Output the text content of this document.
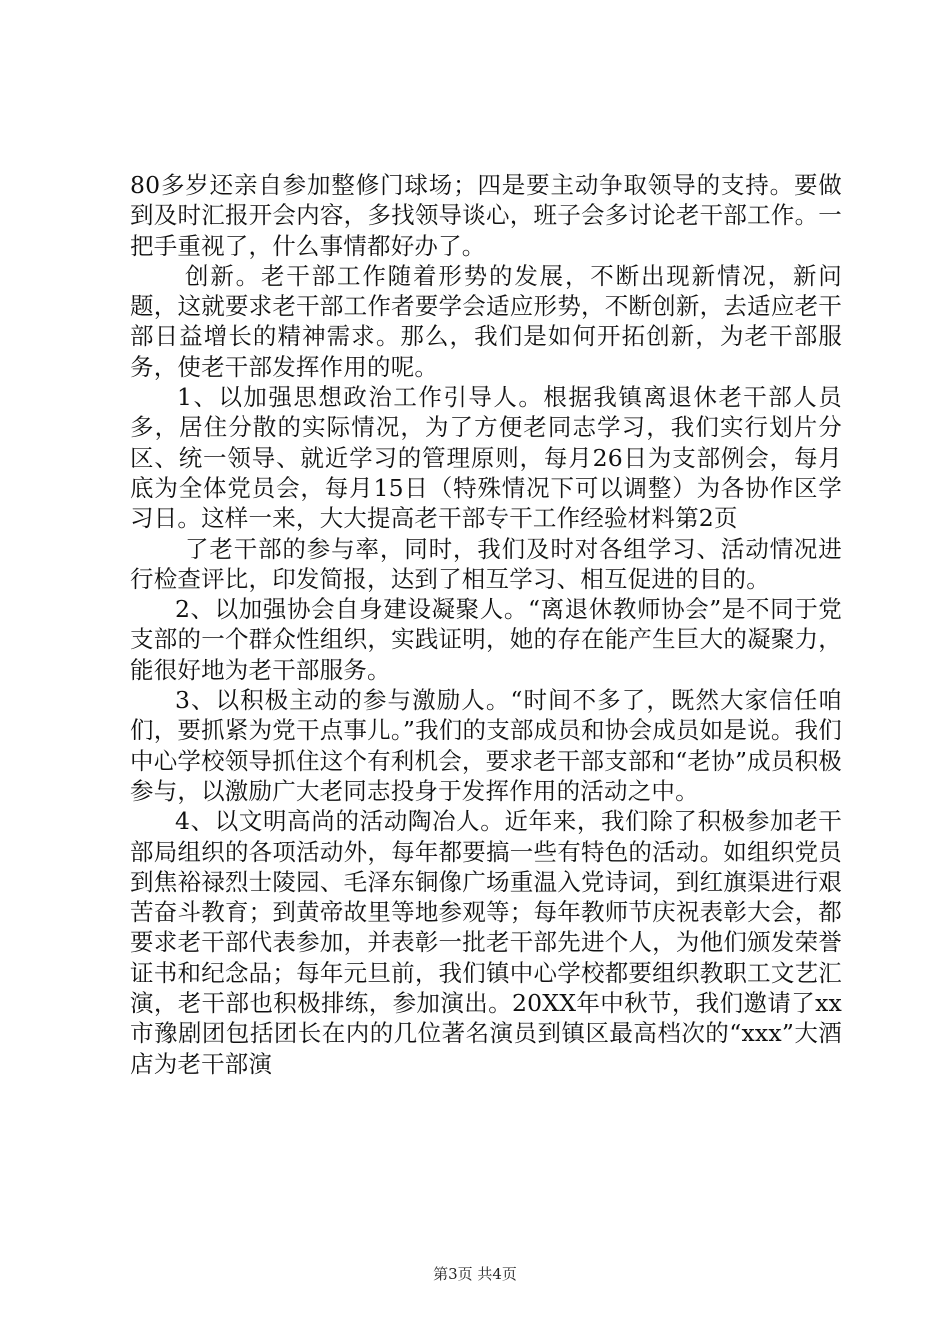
80多岁还亲自参加整修门球场；四是要主动争取领导的支持。要做到及时汇报开会内容，多找领导谈心，班子会多讨论老干部工作。一把手重视了，什么事情都好办了。

创新。老干部工作随着形势的发展，不断出现新情况，新问题，这就要求老干部工作者要学会适应形势，不断创新，去适应老干部日益增长的精神需求。那么，我们是如何开拓创新，为老干部服务，使老干部发挥作用的呢。

1、以加强思想政治工作引导人。根据我镇离退休老干部人员多，居住分散的实际情况，为了方便老同志学习，我们实行划片分区、统一领导、就近学习的管理原则，每月26日为支部例会，每月底为全体党员会，每月15日（特殊情况下可以调整）为各协作区学习日。这样一来，大大提高老干部专干工作经验材料第2页

了老干部的参与率，同时，我们及时对各组学习、活动情况进行检查评比，印发简报，达到了相互学习、相互促进的目的。

2、以加强协会自身建设凝聚人。“离退休教师协会”是不同于党支部的一个群众性组织，实践证明，她的存在能产生巨大的凝聚力，能很好地为老干部服务。

3、以积极主动的参与激励人。“时间不多了，既然大家信任咱们，要抓紧为党干点事儿。”我们的支部成员和协会成员如是说。我们中心学校领导抓住这个有利机会，要求老干部支部和“老协”成员积极参与，以激励广大老同志投身于发挥作用的活动之中。

4、以文明高尚的活动陶冶人。近年来，我们除了积极参加老干部局组织的各项活动外，每年都要搞一些有特色的活动。如组织党员到焦裕禄烈士陵园、毛泽东铜像广场重温入党诗词，到红旗渠进行艰苦奋斗教育；到黄帝故里等地参观等；每年教师节庆祝表彰大会，都要求老干部代表参加，并表彰一批老干部先进个人，为他们颁发荣誉证书和纪念品；每年元旦前，我们镇中心学校都要组织教职工文艺汇演，老干部也积极排练，参加演出。20XX年中秋节，我们邀请了xx市豫剧团包括团长在内的几位著名演员到镇区最高档次的“xxx”大酒店为老干部演

第3页 共4页
